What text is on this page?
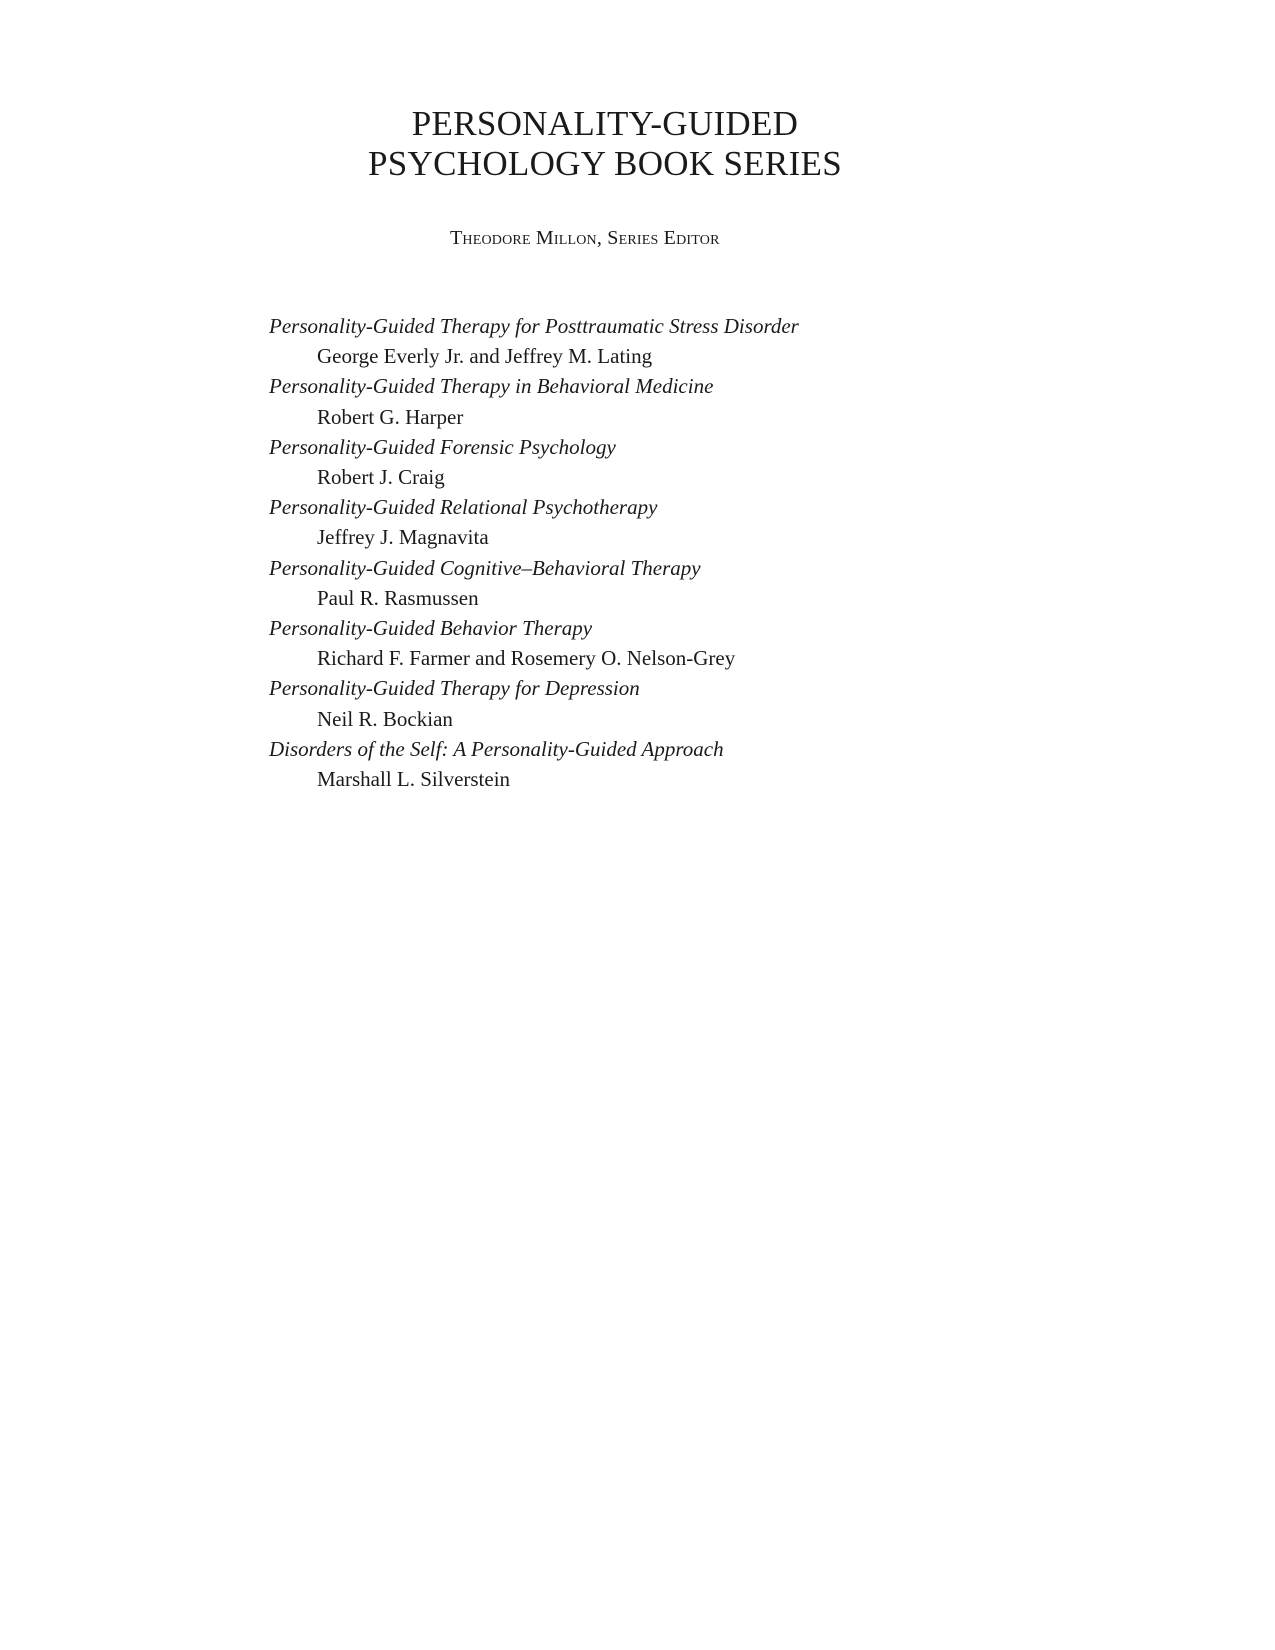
PERSONALITY-GUIDED
PSYCHOLOGY BOOK SERIES

Theodore Millon, Series Editor

Personality-Guided Therapy for Posttraumatic Stress Disorder
George Everly Jr. and Jeffrey M. Lating
Personality-Guided Therapy in Behavioral Medicine
Robert G. Harper
Personality-Guided Forensic Psychology
Robert J. Craig
Personality-Guided Relational Psychotherapy
Jeffrey J. Magnavita
Personality-Guided Cognitive–Behavioral Therapy
Paul R. Rasmussen
Personality-Guided Behavior Therapy
Richard F. Farmer and Rosemery O. Nelson-Grey
Personality-Guided Therapy for Depression
Neil R. Bockian
Disorders of the Self: A Personality-Guided Approach
Marshall L. Silverstein
